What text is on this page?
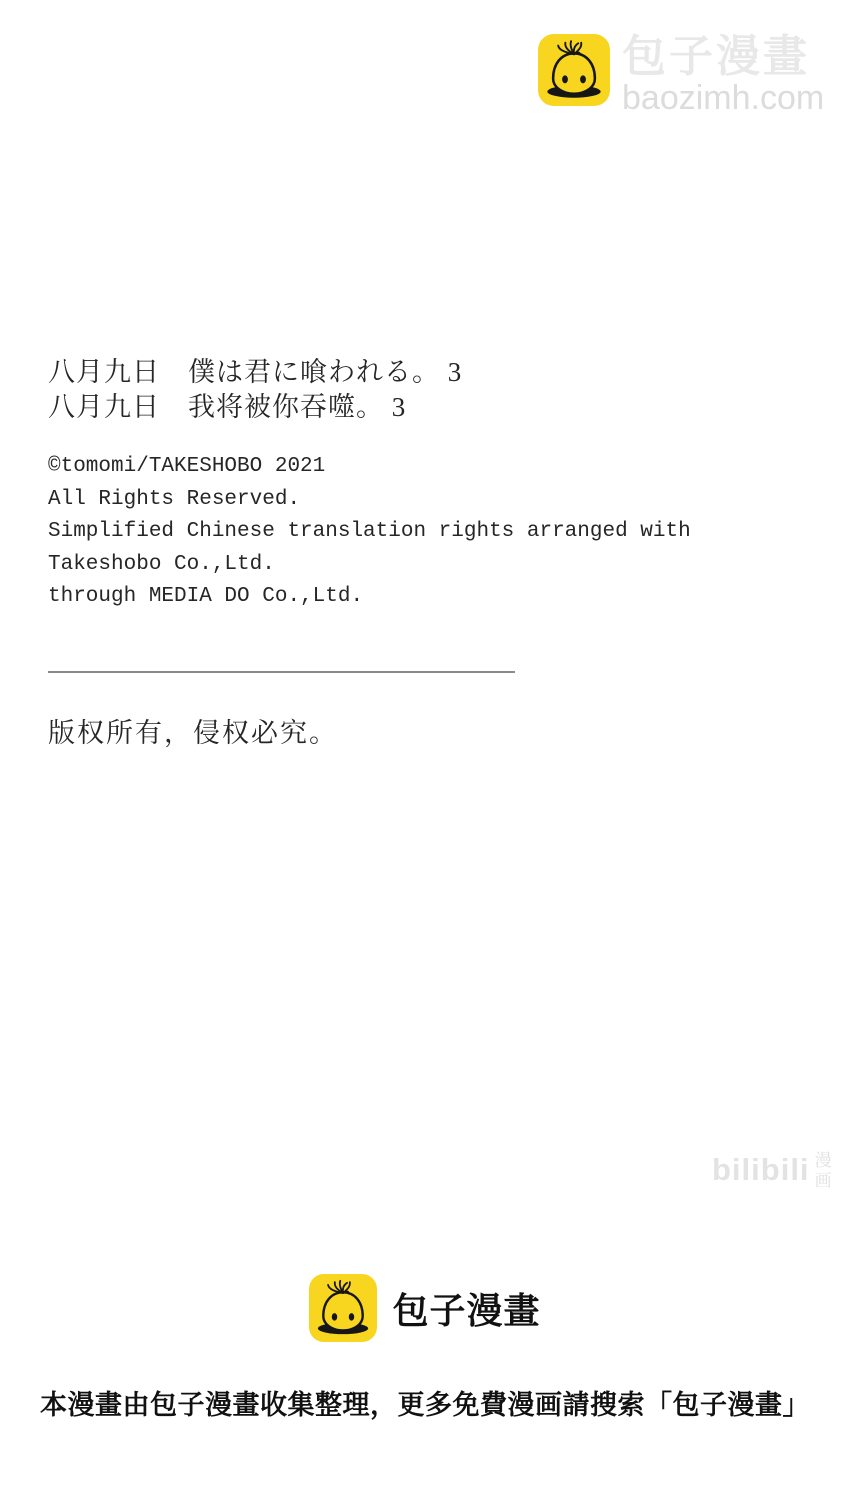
包子漫畫
baozimh.com
八月九日　僕は君に喰われる。 3
八月九日　我将被你吞噬。 3
©tomomi/TAKESHOBO 2021
All Rights Reserved.
Simplified Chinese translation rights arranged with
Takeshobo Co.,Ltd.
through MEDIA DO Co.,Ltd.
版权所有，侵权必究。
bilibili 漫
画
包子漫畫
本漫畫由包子漫畫收集整理，更多免費漫画請搜索「包子漫畫」
